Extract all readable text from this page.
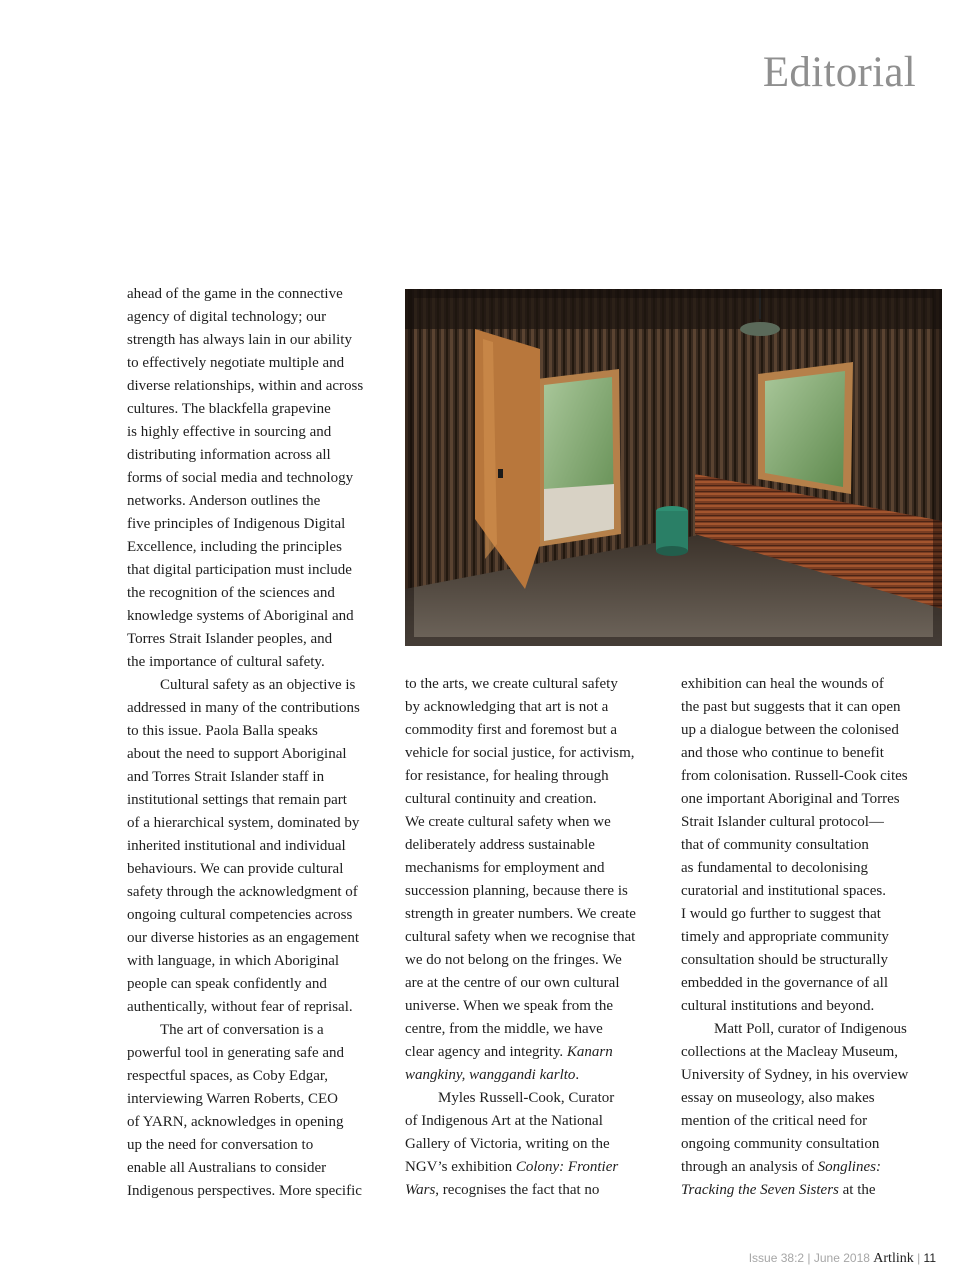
Editorial

ahead of the game in the connective
agency of digital technology; our
strength has always lain in our ability
to effectively negotiate multiple and
diverse relationships, within and across
cultures. The blackfella grapevine
is highly effective in sourcing and
distributing information across all
forms of social media and technology
networks. Anderson outlines the
five principles of Indigenous Digital
Excellence, including the principles
that digital participation must include
the recognition of the sciences and
knowledge systems of Aboriginal and
Torres Strait Islander peoples, and
the importance of cultural safety.

Cultural safety as an objective is
addressed in many of the contributions
to this issue. Paola Balla speaks
about the need to support Aboriginal
and Torres Strait Islander staff in
institutional settings that remain part
of a hierarchical system, dominated by
inherited institutional and individual
behaviours. We can provide cultural
safety through the acknowledgment of
ongoing cultural competencies across
our diverse histories as an engagement
with language, in which Aboriginal
people can speak confidently and
authentically, without fear of reprisal.

The art of conversation is a
powerful tool in generating safe and
respectful spaces, as Coby Edgar,
interviewing Warren Roberts, CEO
of YARN, acknowledges in opening
up the need for conversation to
enable all Australians to consider
Indigenous perspectives. More specific

to the arts, we create cultural safety
by acknowledging that art is not a
commodity first and foremost but a
vehicle for social justice, for activism,
for resistance, for healing through
cultural continuity and creation.
We create cultural safety when we
deliberately address sustainable
mechanisms for employment and
succession planning, because there is
strength in greater numbers. We create
cultural safety when we recognise that
we do not belong on the fringes. We
are at the centre of our own cultural
universe. When we speak from the
centre, from the middle, we have
clear agency and integrity. Kanarn
wangkiny, wanggandi karlto.

Myles Russell-Cook, Curator
of Indigenous Art at the National
Gallery of Victoria, writing on the
NGV’s exhibition Colony: Frontier
Wars, recognises the fact that no

exhibition can heal the wounds of
the past but suggests that it can open
up a dialogue between the colonised
and those who continue to benefit
from colonisation. Russell-Cook cites
one important Aboriginal and Torres
Strait Islander cultural protocol—
that of community consultation
as fundamental to decolonising
curatorial and institutional spaces.
I would go further to suggest that
timely and appropriate community
consultation should be structurally
embedded in the governance of all
cultural institutions and beyond.

Matt Poll, curator of Indigenous
collections at the Macleay Museum,
University of Sydney, in his overview
essay on museology, also makes
mention of the critical need for
ongoing community consultation
through an analysis of Songlines:
Tracking the Seven Sisters at the

Issue 38:2 | June 2018 Artlink | 11
